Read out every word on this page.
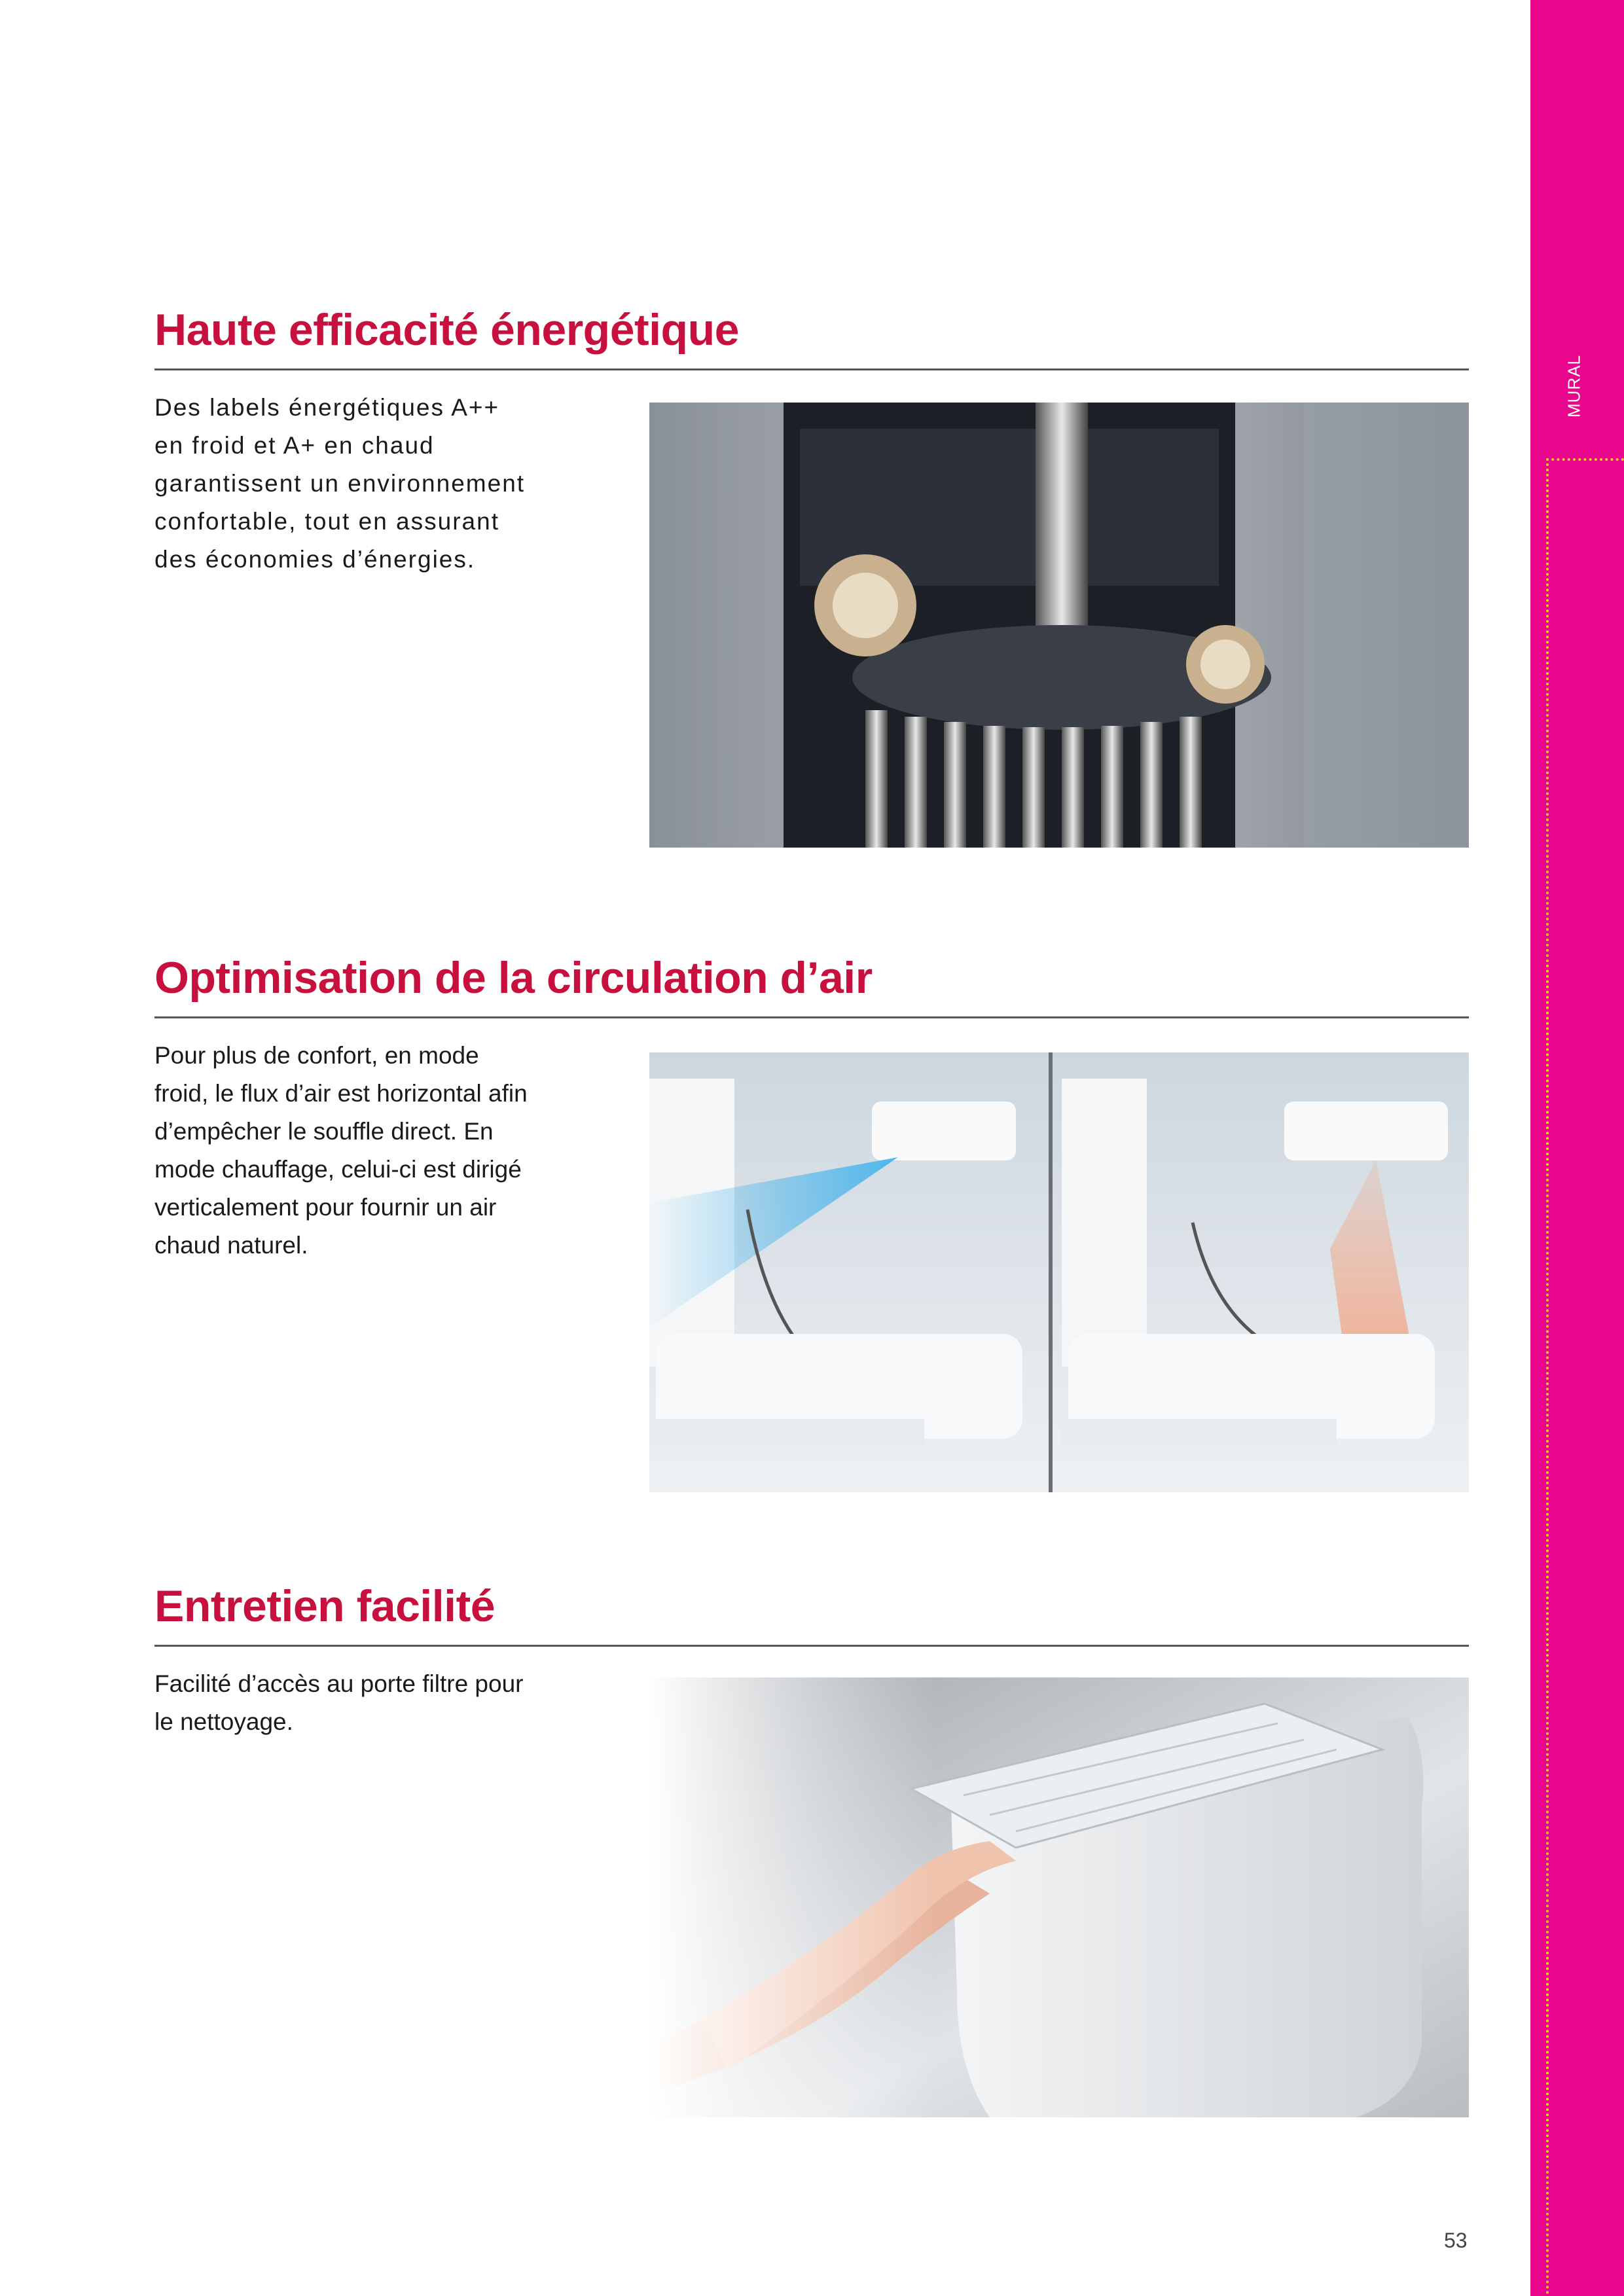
MURAL
Haute efficacité énergétique
Des labels énergétiques A++ en froid et A+ en chaud garantissent un environnement confortable, tout en assurant des économies d’énergies.
Optimisation de la circulation d’air
Pour plus de confort, en mode froid, le flux d’air est horizontal afin d’empêcher le souffle direct. En mode chauffage, celui-ci est dirigé verticalement pour fournir un air chaud naturel.
Entretien facilité
Facilité d’accès au porte filtre pour le nettoyage.
53
